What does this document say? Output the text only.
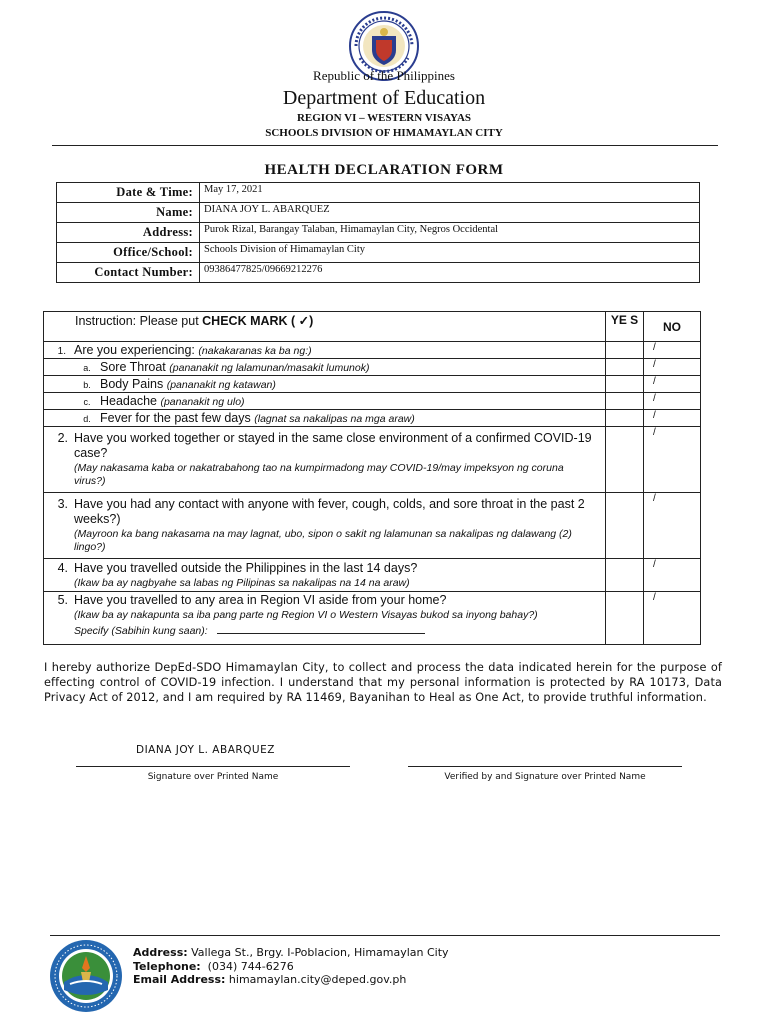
Republic of the Philippines
Department of Education
REGION VI – WESTERN VISAYAS
SCHOOLS DIVISION OF HIMAMAYLAN CITY
HEALTH DECLARATION FORM
Date & Time:	May 17, 2021
Name:	DIANA JOY L. ABARQUEZ
Address:	Purok Rizal, Barangay Talaban, Himamaylan City, Negros Occidental
Office/School:	Schools Division of Himamaylan City
Contact Number:	09386477825/09669212276
Instruction: Please put CHECK MARK ( ✓)	YE S	NO
1. Are you experiencing: (nakakaranas ka ba ng:)		/
a. Sore Throat (pananakit ng lalamunan/masakit lumunok)		/
b. Body Pains (pananakit ng katawan)		/
c. Headache (pananakit ng ulo)		/
d. Fever for the past few days (lagnat sa nakalipas na mga araw)		/

2. Have you worked together or stayed in the same close environment of a confirmed COVID-19 case?
(May nakasama kaba or nakatrabahong tao na kumpirmadong may COVID-19/may impeksyon ng coruna virus?)		/

3. Have you had any contact with anyone with fever, cough, colds, and sore throat in the past 2 weeks?)
(Mayroon ka bang nakasama na may lagnat, ubo, sipon o sakit ng lalamunan sa nakalipas ng dalawang (2) lingo?)		/

4. Have you travelled outside the Philippines in the last 14 days?
(Ikaw ba ay nagbyahe sa labas ng Pilipinas sa nakalipas na 14 na araw)		/

5. Have you travelled to any area in Region VI aside from your home?
(Ikaw ba ay nakapunta sa iba pang parte ng Region VI o Western Visayas bukod sa inyong bahay?)
Specify (Sabihin kung saan):		/
I hereby authorize DepEd-SDO Himamaylan City, to collect and process the data indicated herein for the purpose of effecting control of COVID-19 infection. I understand that my personal information is protected by RA 10173, Data Privacy Act of 2012, and I am required by RA 11469, Bayanihan to Heal as One Act, to provide truthful information.
DIANA JOY L. ABARQUEZ
Signature over Printed Name	Verified by and Signature over Printed Name
Address: Vallega St., Brgy. I-Poblacion, Himamaylan City
Telephone:  (034) 744-6276
Email Address: himamaylan.city@deped.gov.ph
